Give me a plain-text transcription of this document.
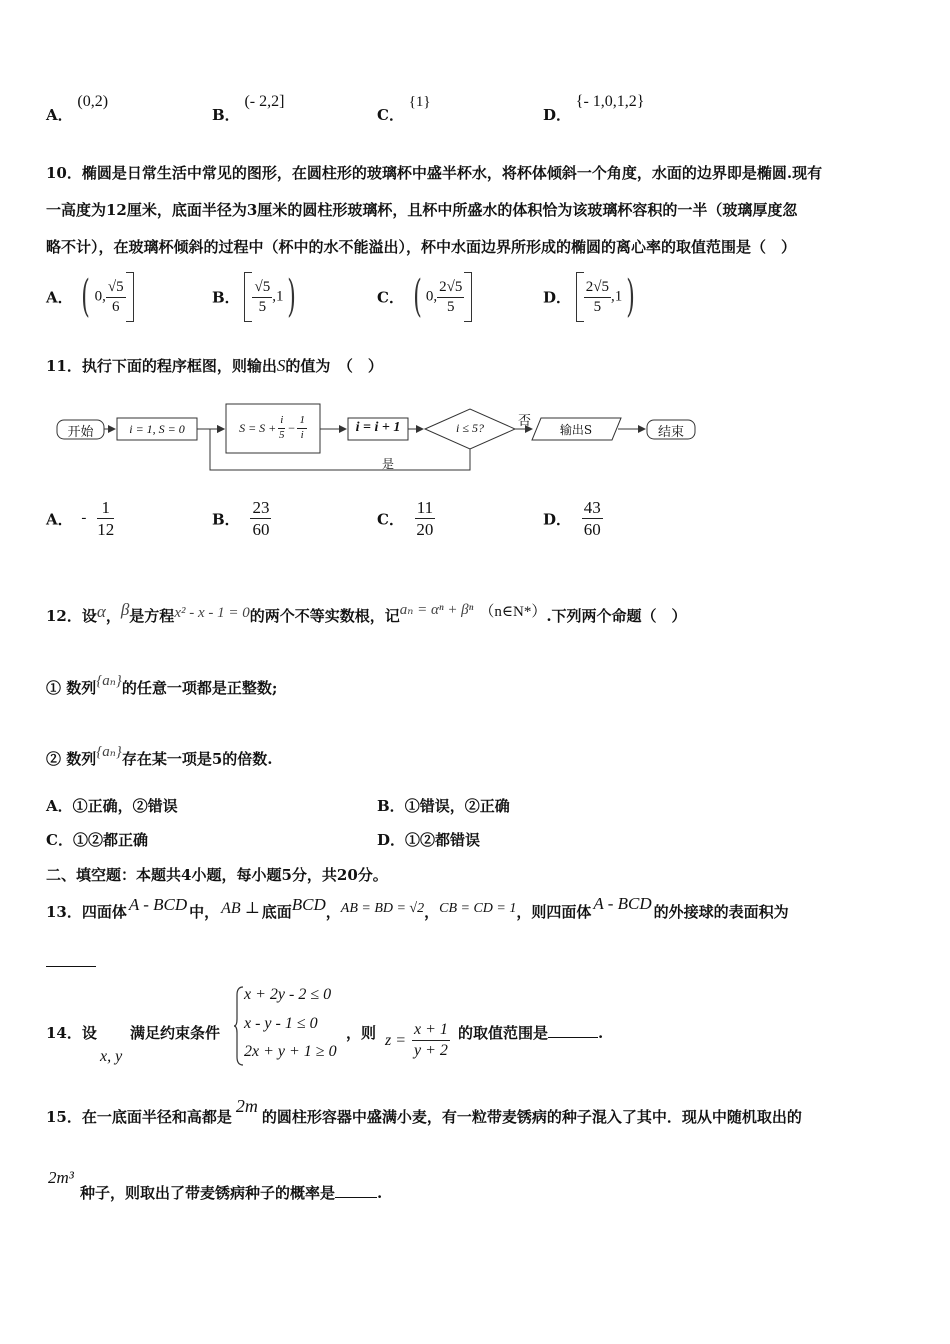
A． (0,2)
B． (- 2,2]
C． {1}
D． {- 1,0,1,2}
10．椭圆是日常生活中常见的图形，在圆柱形的玻璃杯中盛半杯水，将杯体倾斜一个角度，水面的边界即是椭圆.现有
一高度为12厘米，底面半径为3厘米的圆柱形玻璃杯，且杯中所盛水的体积恰为该玻璃杯容积的一半（玻璃厚度忽
略不计），在玻璃杯倾斜的过程中（杯中的水不能溢出），杯中水面边界所形成的椭圆的离心率的取值范围是（　）
A． ( 0, $\frac{√5}{6}$	B． $\frac{√5}{5} ,1$)	C． ( 0, $\frac{2√5}{5}$	D． $\frac{2√5}{5} ,1$)
11．执行下面的程序框图，则输出S的值为　（　）
开始	i = 1, S = 0	$S = S + \frac{i}{5} - \frac{1}{i}$	i = i + 1	i ≤ 5?	否
输出S	结束
是
A． - $\frac{1}{12}$	B． $\frac{23}{60}$	C． $\frac{11}{20}$	D． $\frac{43}{60}$
12．设α，β是方程x² - x - 1 = 0的两个不等实数根，记aₙ = αⁿ + βⁿ （n∈N*）.下列两个命题（　）
① 数列{aₙ}的任意一项都是正整数;
② 数列{aₙ}存在某一项是5的倍数.
A．①正确，②错误	B．①错误，②正确
C．①②都正确	D．①②都错误
二、填空题：本题共4小题，每小题5分，共20分。
13．四面体 A - BCD 中， AB ⊥ 底面BCD，AB = BD = √2，CB = CD = 1，则四面体 A - BCD 的外接球的表面积为
14．设
x, y
满足约束条件
x + 2y - 2 ≤ 0
x - y - 1 ≤ 0
2x + y + 1 ≥ 0
，则 $z = \frac{x + 1}{y + 2}$ 的取值范围是	.
15．在一底面半径和高都是2m的圆柱形容器中盛满小麦，有一粒带麦锈病的种子混入了其中．现从中随机取出的
2m³
种子，则取出了带麦锈病种子的概率是	.
